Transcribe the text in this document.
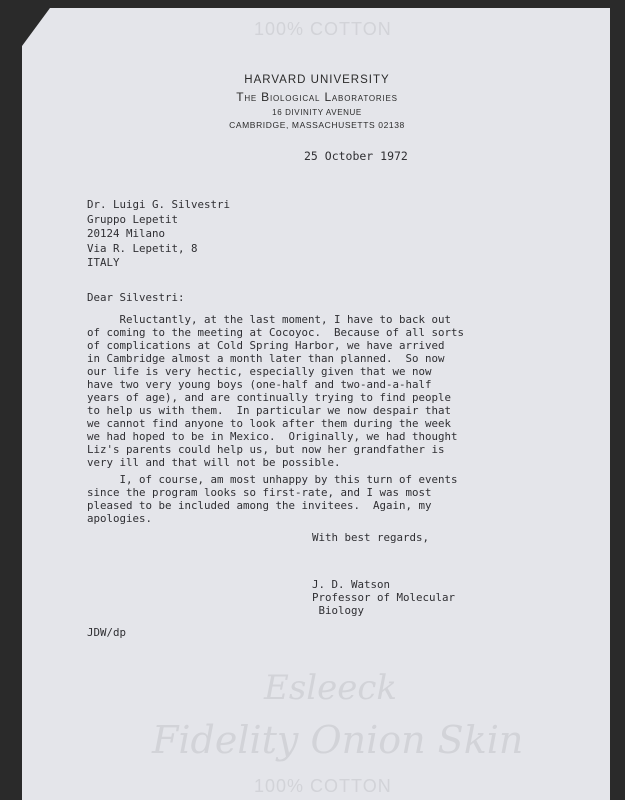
100% COTTON
HARVARD UNIVERSITY
The Biological Laboratories
16 DIVINITY AVENUE
CAMBRIDGE, MASSACHUSETTS 02138
25 October 1972
Dr. Luigi G. Silvestri
Gruppo Lepetit
20124 Milano
Via R. Lepetit, 8
ITALY
Dear Silvestri:
Reluctantly, at the last moment, I have to back out
of coming to the meeting at Cocoyoc.  Because of all sorts
of complications at Cold Spring Harbor, we have arrived
in Cambridge almost a month later than planned.  So now
our life is very hectic, especially given that we now
have two very young boys (one-half and two-and-a-half
years of age), and are continually trying to find people
to help us with them.  In particular we now despair that
we cannot find anyone to look after them during the week
we had hoped to be in Mexico.  Originally, we had thought
Liz's parents could help us, but now her grandfather is
very ill and that will not be possible.
I, of course, am most unhappy by this turn of events
since the program looks so first-rate, and I was most
pleased to be included among the invitees.  Again, my
apologies.
With best regards,
J. D. Watson
Professor of Molecular
Biology
JDW/dp
Esleeck
Fidelity Onion Skin
100% COTTON
